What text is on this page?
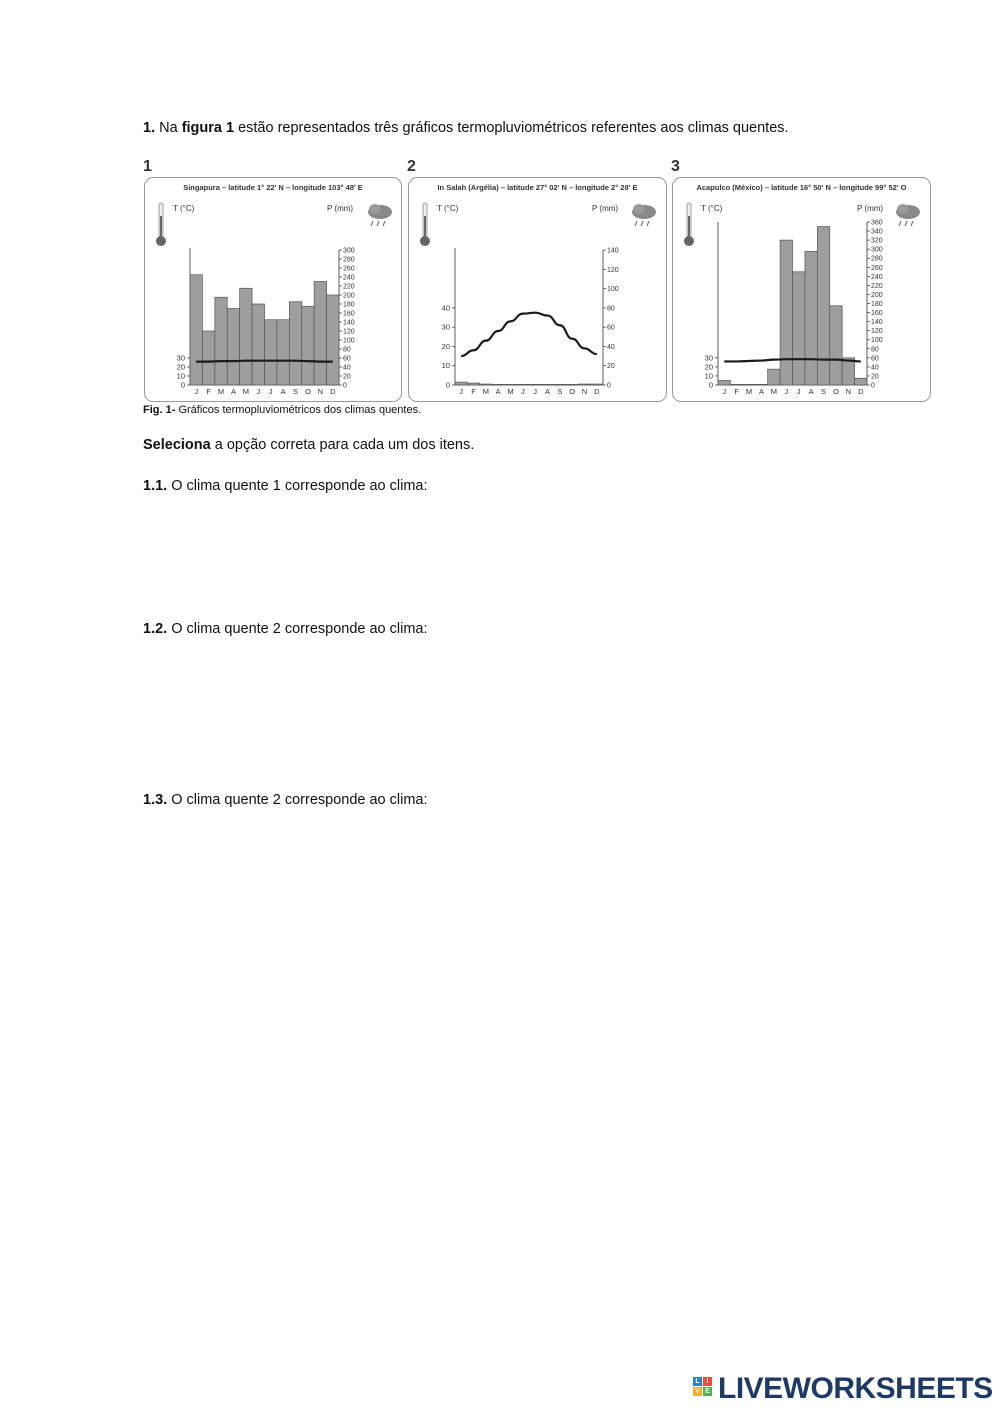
1. Na figura 1 estão representados três gráficos termopluviométricos referentes aos climas quentes.

1	2	3
Singapura – latitude 1° 22' N – longitude 103° 48' E
T (°C)	P (mm)
0
20
40
60
80
100
120
140
160
180
200
220
240
260
280
300
0
10
20
30
J F M A M J J A S O N D
In Salah (Argélia) – latitude 27° 02' N – longitude 2° 28' E
T (°C)	P (mm)
0
20
40
60
80
100
120
140
0
10
20
30
40
J F M A M J J A S O N D
Acapulco (México) – latitude 16° 50' N – longitude 99° 52' O
T (°C)	P (mm)
0
20
40
60
80
100
120
140
160
180
200
220
240
260
280
300
320
340
360
0
10
20
30
J F M A M J J A S O N D
Fig. 1- Gráficos termopluviométricos dos climas quentes.

Seleciona a opção correta para cada um dos itens.

1.1. O clima quente 1 corresponde ao clima:

1.2. O clima quente 2 corresponde ao clima:

1.3. O clima quente 2 corresponde ao clima:

L I
V E LIVEWORKSHEETS
